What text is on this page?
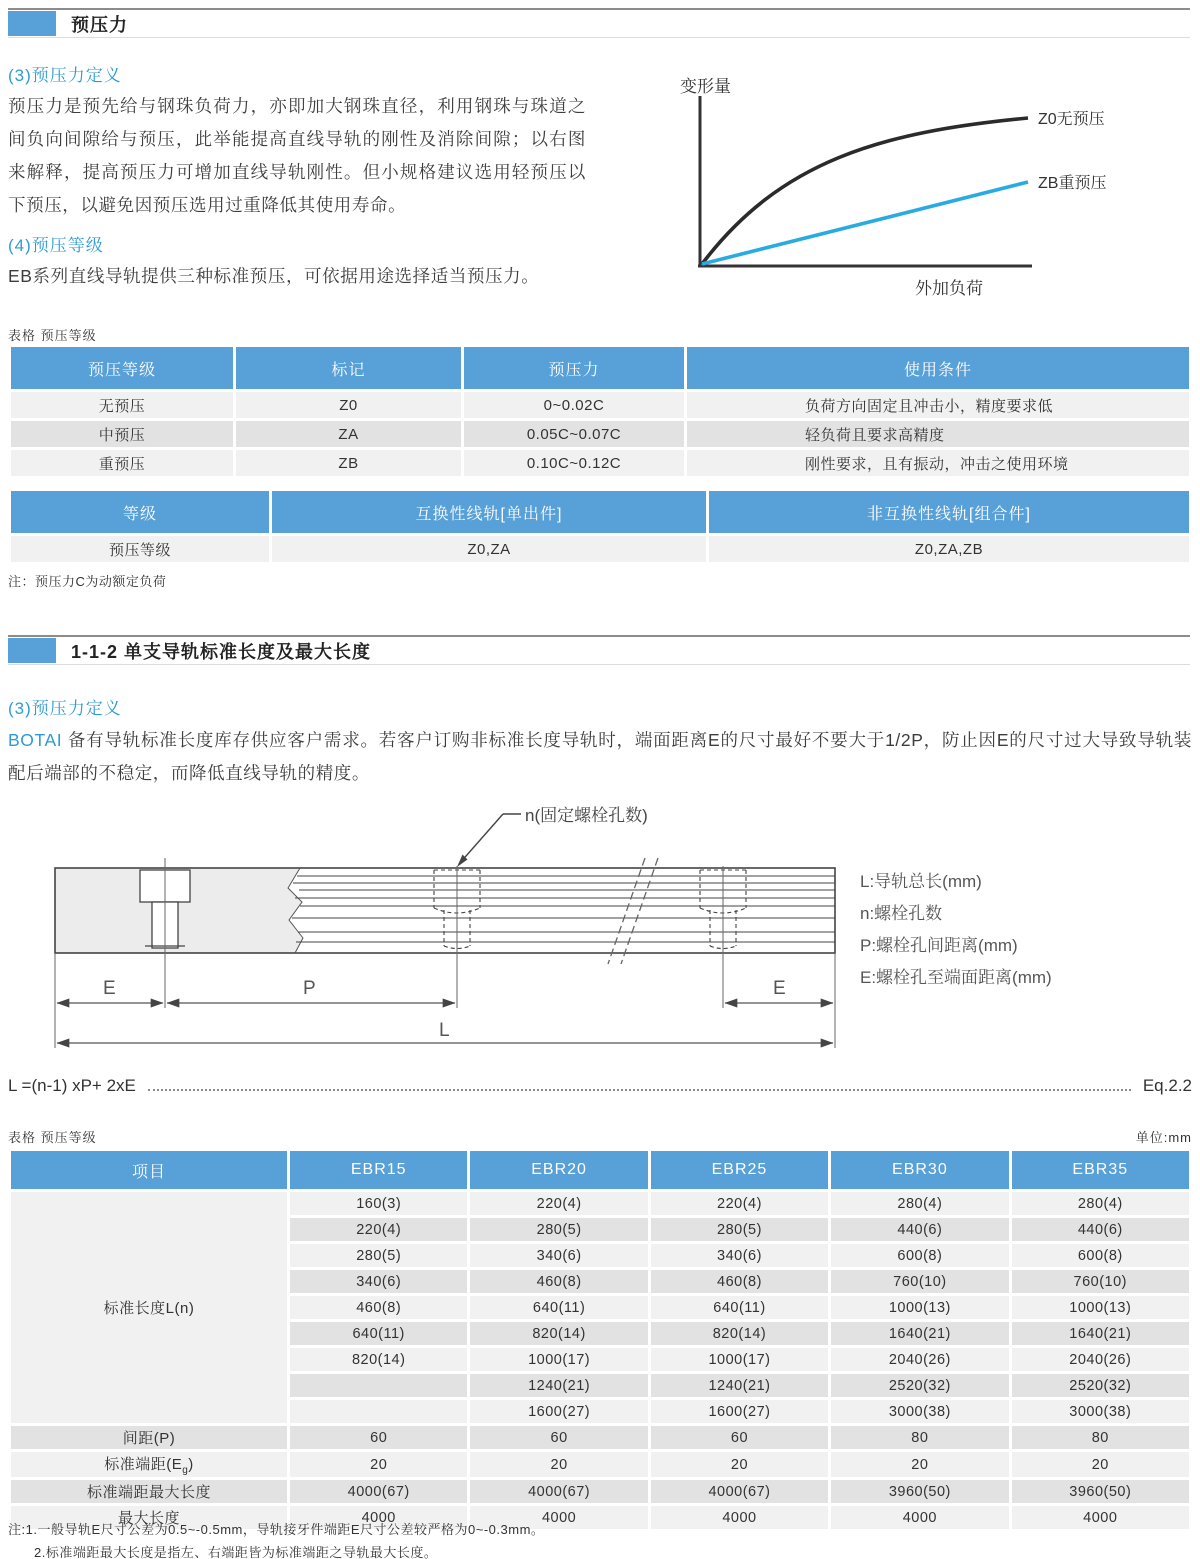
预压力
(3)预压力定义
预压力是预先给与钢珠负荷力，亦即加大钢珠直径，利用钢珠与珠道之间负向间隙给与预压，此举能提高直线导轨的刚性及消除间隙；以右图来解释，提高预压力可增加直线导轨刚性。但小规格建议选用轻预压以下预压，以避免因预压选用过重降低其使用寿命。
变形量
Z0无预压
ZB重预压
外加负荷
(4)预压等级
EB系列直线导轨提供三种标准预压，可依据用途选择适当预压力。
表格 预压等级
预压等级	标记	预压力	使用条件
无预压	Z0	0~0.02C	负荷方向固定且冲击小，精度要求低
中预压	ZA	0.05C~0.07C	轻负荷且要求高精度
重预压	ZB	0.10C~0.12C	刚性要求，且有振动，冲击之使用环境
等级	互换性线轨[单出件]	非互换性线轨[组合件]
预压等级	Z0,ZA	Z0,ZA,ZB
注：预压力C为动额定负荷
1-1-2 单支导轨标准长度及最大长度
(3)预压力定义
BOTAI 备有导轨标准长度库存供应客户需求。若客户订购非标准长度导轨时，端面距离E的尺寸最好不要大于1/2P，防止因E的尺寸过大导致导轨装配后端部的不稳定，而降低直线导轨的精度。
n(固定螺栓孔数)
E	P	E
L
L:导轨总长(mm)
n:螺栓孔数
P:螺栓孔间距离(mm)
E:螺栓孔至端面距离(mm)
L =(n-1) xP+ 2xE	Eq.2.2
表格 预压等级	单位:mm
项目	EBR15	EBR20	EBR25	EBR30	EBR35
标准长度L(n)	160(3)	220(4)	220(4)	280(4)	280(4)
	220(4)	280(5)	280(5)	440(6)	440(6)
	280(5)	340(6)	340(6)	600(8)	600(8)
	340(6)	460(8)	460(8)	760(10)	760(10)
	460(8)	640(11)	640(11)	1000(13)	1000(13)
	640(11)	820(14)	820(14)	1640(21)	1640(21)
	820(14)	1000(17)	1000(17)	2040(26)	2040(26)
		1240(21)	1240(21)	2520(32)	2520(32)
		1600(27)	1600(27)	3000(38)	3000(38)
间距(P)	60	60	60	80	80
标准端距$(E_g)$	20	20	20	20	20
标准端距最大长度	4000(67)	4000(67)	4000(67)	3960(50)	3960(50)
最大长度	4000	4000	4000	4000	4000
注:1.一般导轨E尺寸公差为0.5~-0.5mm，导轨接牙件端距E尺寸公差较严格为0~-0.3mm。
2.标准端距最大长度是指左、右端距皆为标准端距之导轨最大长度。
